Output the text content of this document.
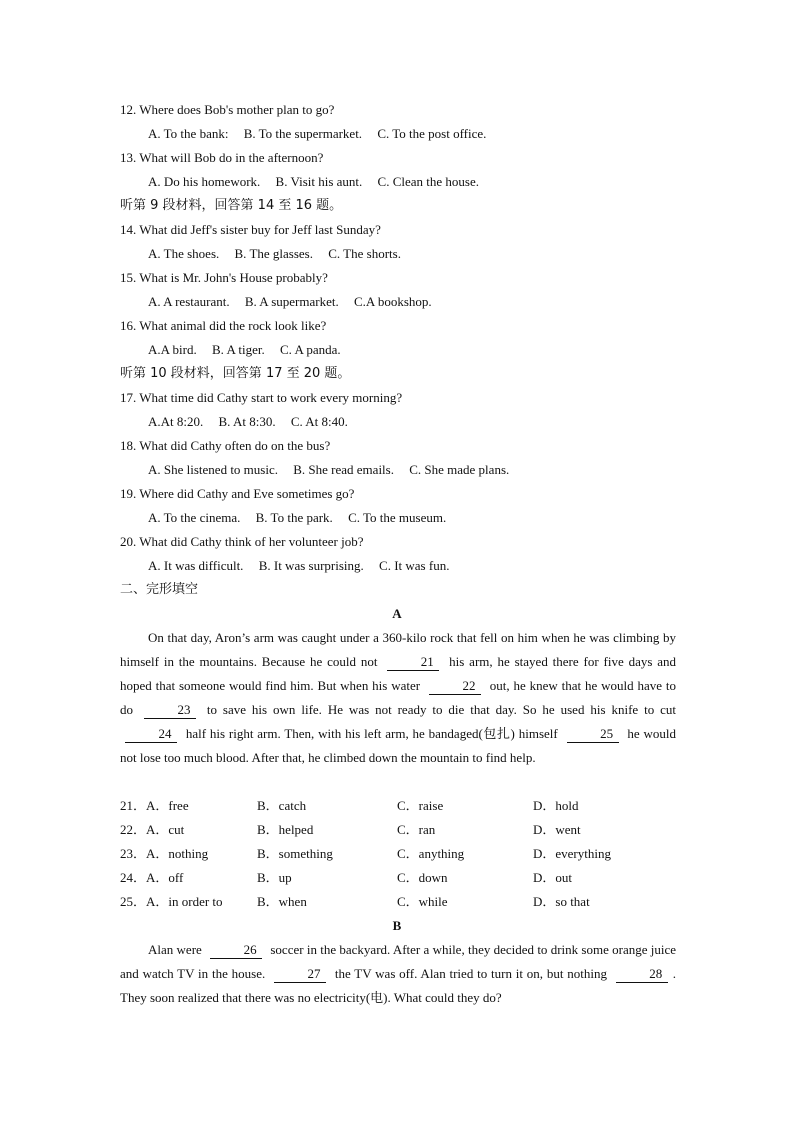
12. Where does Bob's mother plan to go?
A. To the bank: B. To the supermarket. C. To the post office.
13. What will Bob do in the afternoon?
A. Do his homework. B. Visit his aunt. C. Clean the house.
听第 9 段材料，回答第 14 至 16 题。
14. What did Jeff's sister buy for Jeff last Sunday?
A. The shoes. B. The glasses. C. The shorts.
15. What is Mr. John's House probably?
A. A restaurant. B. A supermarket. C.A bookshop.
16. What animal did the rock look like?
A.A bird. B. A tiger. C. A panda.
听第 10 段材料，回答第 17 至 20 题。
17. What time did Cathy start to work every morning?
A.At 8:20. B. At 8:30. C. At 8:40.
18. What did Cathy often do on the bus?
A. She listened to music. B. She read emails. C. She made plans.
19. Where did Cathy and Eve sometimes go?
A. To the cinema. B. To the park. C. To the museum.
20. What did Cathy think of her volunteer job?
A. It was difficult. B. It was surprising. C. It was fun.
二、完形填空
A
On that day, Aron’s arm was caught under a 360-kilo rock that fell on him when he was climbing by himself in the mountains. Because he could not	21 his arm, he stayed there for five days and hoped that someone would find him. But when his water	22 out, he knew that he would have to do	23 to save his own life. He was not ready to die that day. So he used his knife to cut 24 half his right arm. Then, with his left arm, he bandaged(包扎) himself	25 he would not lose too much blood. After that, he climbed down the mountain to find help.
21．A．free	B．catch	C．raise	D．hold
22．A．cut	B．helped	C．ran	D．went
23．A．nothing	B．something	C．anything	D．everything
24．A．off	B．up	C．down	D．out
25．A．in order to	B．when	C．while	D．so that
B
Alan were	26 soccer in the backyard. After a while, they decided to drink some orange juice and watch TV in the house.	27 the TV was off. Alan tried to turn it on, but nothing	28 . They soon realized that there was no electricity(电). What could they do?
